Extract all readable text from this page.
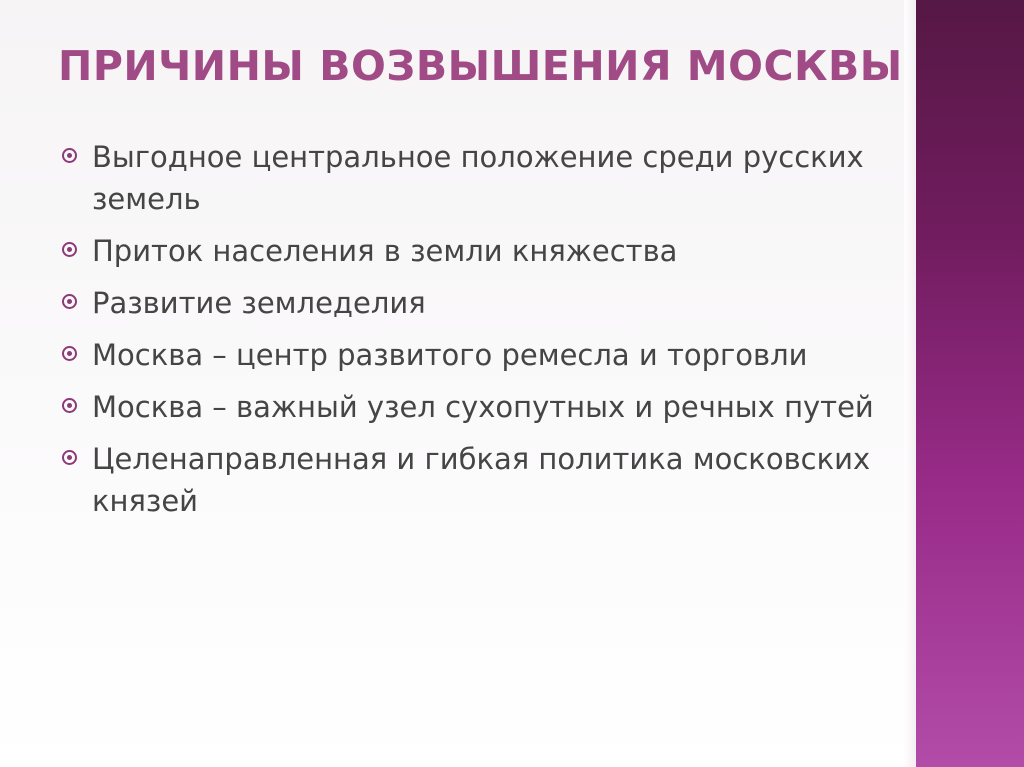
ПРИЧИНЫ ВОЗВЫШЕНИЯ МОСКВЫ
Выгодное центральное положение среди русских земель
Приток населения в земли княжества
Развитие земледелия
Москва – центр развитого ремесла и торговли
Москва – важный узел сухопутных и речных путей
Целенаправленная и гибкая политика московских князей
